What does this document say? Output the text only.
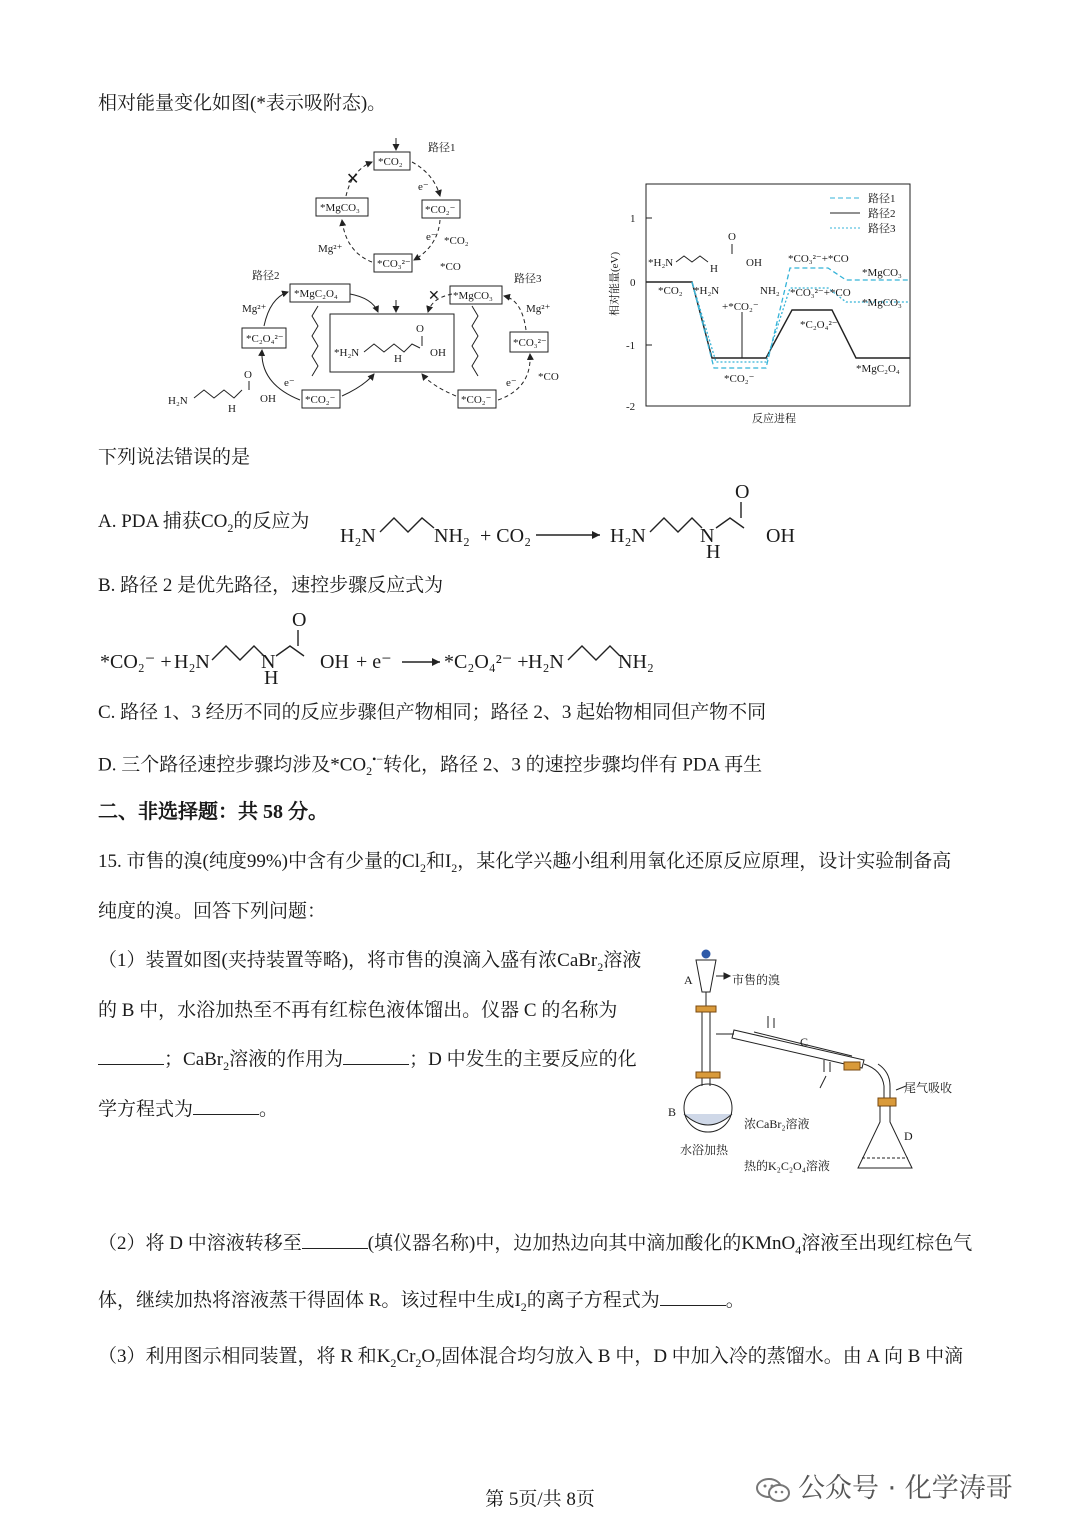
相对能量变化如图(*表示吸附态)。
路径1
路径2	路径3
*CO₂
*CO₂⁻
*MgCO₃
*CO₃²⁻
✕	e⁻
e⁻ *CO₂
*CO
Mg²⁺
*MgC₂O₄
*C₂O₄²⁻
*CO₂⁻
Mg²⁺
e⁻
*MgCO₃
*CO₃²⁻
*CO₂⁻
Mg²⁺
e⁻ *CO
✕
*H₂N	H
O
OH
H₂N
H
O
OH
相对能量(eV)
反应进程
1
0
-1
-2
路径1
路径2
路径3
*CO₂
*H₂N	H
O
OH
*H₂N	NH₂
+*CO₂⁻
*CO₂⁻
*C₂O₄²⁻
*MgC₂O₄
*CO₃²⁻+*CO
*MgCO₃
*CO₃²⁻+*CO
*MgCO₃
下列说法错误的是
A. PDA 捕获$CO_2$的反应为
H₂N	NH₂ + CO₂	H₂N	N
H
O
OH
B. 路径 2 是优先路径，速控步骤反应式为
*CO₂⁻ + H₂N	N
H
O
OH + e⁻	*C₂O₄²⁻ + H₂N	NH₂
C. 路径 1、3 经历不同的反应步骤但产物相同；路径 2、3 起始物相同但产物不同
D. 三个路径速控步骤均涉及$*CO_2^{•-}$转化，路径 2、3 的速控步骤均伴有 PDA 再生
二、非选择题：共 58 分。
15. 市售的溴(纯度99%)中含有少量的$Cl_2$和$I_2$，某化学兴趣小组利用氧化还原反应原理，设计实验制备高
纯度的溴。回答下列问题：
（1）装置如图(夹持装置等略)，将市售的溴滴入盛有浓CaBr$_2$溶液
的 B 中，水浴加热至不再有红棕色液体馏出。仪器 C 的名称为
；CaBr$_2$溶液的作用为	；D 中发生的主要反应的化
学方程式为	。
A	市售的溴
C
尾气吸收
B
浓CaBr₂溶液
水浴加热
D
热的K₂C₂O₄溶液
（2）将 D 中溶液转移至	(填仪器名称)中，边加热边向其中滴加酸化的KMnO$_4$溶液至出现红棕色气
体，继续加热将溶液蒸干得固体 R。该过程中生成$I_2$的离子方程式为	。
（3）利用图示相同装置，将 R 和$K_2Cr_2O_7$固体混合均匀放入 B 中，D 中加入冷的蒸馏水。由 A 向 B 中滴
第 5页/共 8页	公众号 · 化学涛哥
